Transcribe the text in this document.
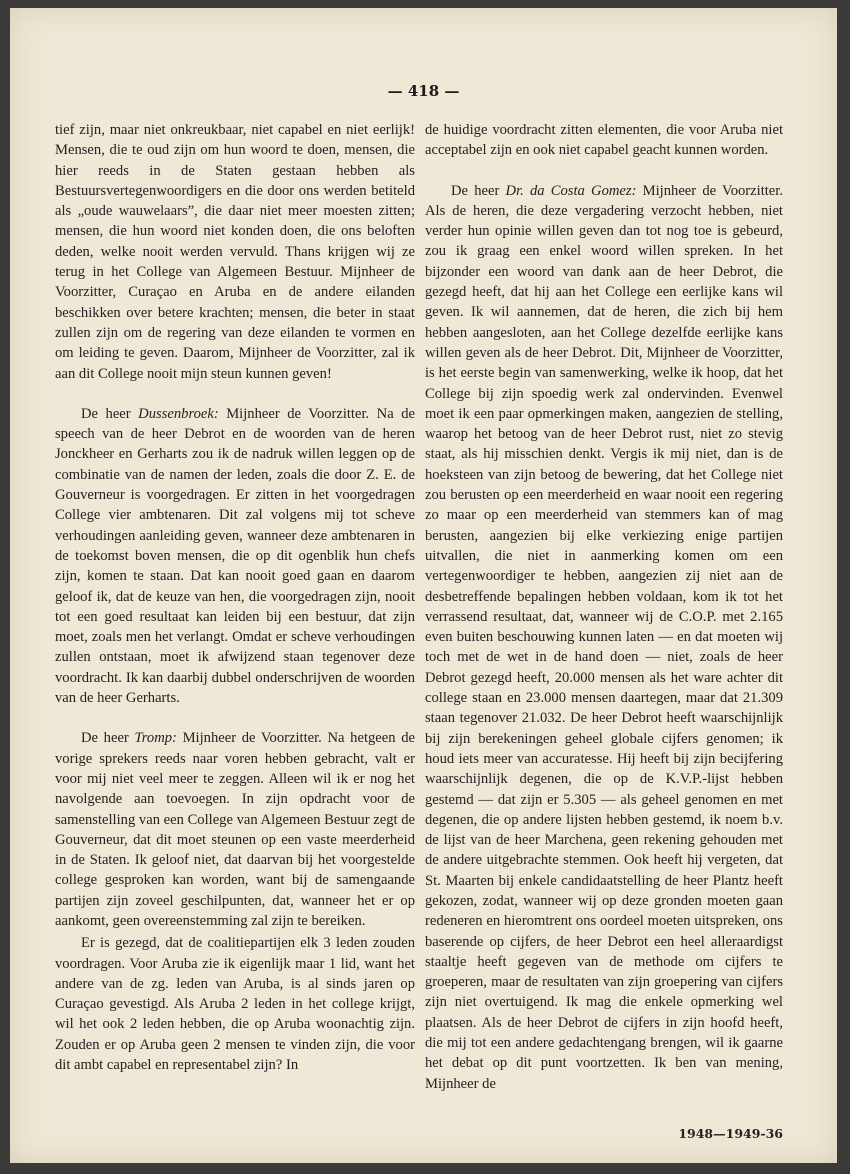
— 418 —

tief zijn, maar niet onkreukbaar, niet capabel en niet eerlijk! Mensen, die te oud zijn om hun woord te doen, mensen, die hier reeds in de Staten gestaan hebben als Bestuursvertegenwoordigers en die door ons werden betiteld als „oude wauwelaars”, die daar niet meer moesten zitten; mensen, die hun woord niet konden doen, die ons beloften deden, welke nooit werden vervuld. Thans krijgen wij ze terug in het College van Algemeen Bestuur. Mijnheer de Voorzitter, Curaçao en Aruba en de andere eilanden beschikken over betere krachten; mensen, die beter in staat zullen zijn om de regering van deze eilanden te vormen en om leiding te geven. Daarom, Mijnheer de Voorzitter, zal ik aan dit College nooit mijn steun kunnen geven!

De heer Dussenbroek: Mijnheer de Voorzitter. Na de speech van de heer Debrot en de woorden van de heren Jonckheer en Gerharts zou ik de nadruk willen leggen op de combinatie van de namen der leden, zoals die door Z. E. de Gouverneur is voorgedragen. Er zitten in het voorgedragen College vier ambtenaren. Dit zal volgens mij tot scheve verhoudingen aanleiding geven, wanneer deze ambtenaren in de toekomst boven mensen, die op dit ogenblik hun chefs zijn, komen te staan. Dat kan nooit goed gaan en daarom geloof ik, dat de keuze van hen, die voorgedragen zijn, nooit tot een goed resultaat kan leiden bij een bestuur, dat zijn moet, zoals men het verlangt. Omdat er scheve verhoudingen zullen ontstaan, moet ik afwijzend staan tegenover deze voordracht. Ik kan daarbij dubbel onderschrijven de woorden van de heer Gerharts.

De heer Tromp: Mijnheer de Voorzitter. Na hetgeen de vorige sprekers reeds naar voren hebben gebracht, valt er voor mij niet veel meer te zeggen. Alleen wil ik er nog het navolgende aan toevoegen. In zijn opdracht voor de samenstelling van een College van Algemeen Bestuur zegt de Gouverneur, dat dit moet steunen op een vaste meerderheid in de Staten. Ik geloof niet, dat daarvan bij het voorgestelde college gesproken kan worden, want bij de samengaande partijen zijn zoveel geschilpunten, dat, wanneer het er op aankomt, geen overeenstemming zal zijn te bereiken.

Er is gezegd, dat de coalitiepartijen elk 3 leden zouden voordragen. Voor Aruba zie ik eigenlijk maar 1 lid, want het andere van de zg. leden van Aruba, is al sinds jaren op Curaçao gevestigd. Als Aruba 2 leden in het college krijgt, wil het ook 2 leden hebben, die op Aruba woonachtig zijn. Zouden er op Aruba geen 2 mensen te vinden zijn, die voor dit ambt capabel en representabel zijn? In

de huidige voordracht zitten elementen, die voor Aruba niet acceptabel zijn en ook niet capabel geacht kunnen worden.

De heer Dr. da Costa Gomez: Mijnheer de Voorzitter. Als de heren, die deze vergadering verzocht hebben, niet verder hun opinie willen geven dan tot nog toe is gebeurd, zou ik graag een enkel woord willen spreken. In het bijzonder een woord van dank aan de heer Debrot, die gezegd heeft, dat hij aan het College een eerlijke kans wil geven. Ik wil aannemen, dat de heren, die zich bij hem hebben aangesloten, aan het College dezelfde eerlijke kans willen geven als de heer Debrot. Dit, Mijnheer de Voorzitter, is het eerste begin van samenwerking, welke ik hoop, dat het College bij zijn spoedig werk zal ondervinden. Evenwel moet ik een paar opmerkingen maken, aangezien de stelling, waarop het betoog van de heer Debrot rust, niet zo stevig staat, als hij misschien denkt. Vergis ik mij niet, dan is de hoeksteen van zijn betoog de bewering, dat het College niet zou berusten op een meerderheid en waar nooit een regering zo maar op een meerderheid van stemmers kan of mag berusten, aangezien bij elke verkiezing enige partijen uitvallen, die niet in aanmerking komen om een vertegenwoordiger te hebben, aangezien zij niet aan de desbetreffende bepalingen hebben voldaan, kom ik tot het verrassend resultaat, dat, wanneer wij de C.O.P. met 2.165 even buiten beschouwing kunnen laten — en dat moeten wij toch met de wet in de hand doen — niet, zoals de heer Debrot gezegd heeft, 20.000 mensen als het ware achter dit college staan en 23.000 mensen daartegen, maar dat 21.309 staan tegenover 21.032. De heer Debrot heeft waarschijnlijk bij zijn berekeningen geheel globale cijfers genomen; ik houd iets meer van accuratesse. Hij heeft bij zijn becijfering waarschijnlijk degenen, die op de K.V.P.-lijst hebben gestemd — dat zijn er 5.305 — als geheel genomen en met degenen, die op andere lijsten hebben gestemd, ik noem b.v. de lijst van de heer Marchena, geen rekening gehouden met de andere uitgebrachte stemmen. Ook heeft hij vergeten, dat St. Maarten bij enkele candidaatstelling de heer Plantz heeft gekozen, zodat, wanneer wij op deze gronden moeten gaan redeneren en hieromtrent ons oordeel moeten uitspreken, ons baserende op cijfers, de heer Debrot een heel alleraardigst staaltje heeft gegeven van de methode om cijfers te groeperen, maar de resultaten van zijn groepering van cijfers zijn niet overtuigend. Ik mag die enkele opmerking wel plaatsen. Als de heer Debrot de cijfers in zijn hoofd heeft, die mij tot een andere gedachtengang brengen, wil ik gaarne het debat op dit punt voortzetten. Ik ben van mening, Mijnheer de

1948—1949-36
